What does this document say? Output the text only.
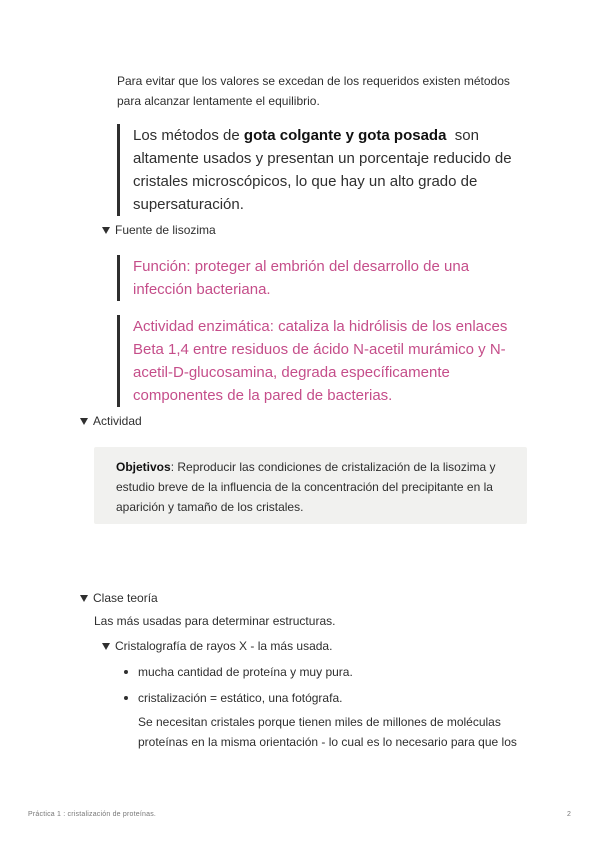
Para evitar que los valores se excedan de los requeridos existen métodos para alcanzar lentamente el equilibrio.
Los métodos de gota colgante y gota posada  son altamente usados y presentan un porcentaje reducido de cristales microscópicos, lo que hay un alto grado de supersaturación.
Fuente de lisozima
Función: proteger al embrión del desarrollo de una infección bacteriana.
Actividad enzimática: cataliza la hidrólisis de los enlaces Beta 1,4 entre residuos de ácido N-acetil murámico y N-acetil-D-glucosamina, degrada específicamente componentes de la pared de bacterias.
Actividad
Objetivos: Reproducir las condiciones de cristalización de la lisozima y estudio breve de la influencia de la concentración del precipitante en la aparición y tamaño de los cristales.
Clase teoría
Las más usadas para determinar estructuras.
Cristalografía de rayos X - la más usada.
mucha cantidad de proteína y muy pura.
cristalización = estático, una fotógrafa.
Se necesitan cristales porque tienen miles de millones de moléculas proteínas en la misma orientación - lo cual es lo necesario para que los
Práctica 1 : cristalización de proteínas.	2
